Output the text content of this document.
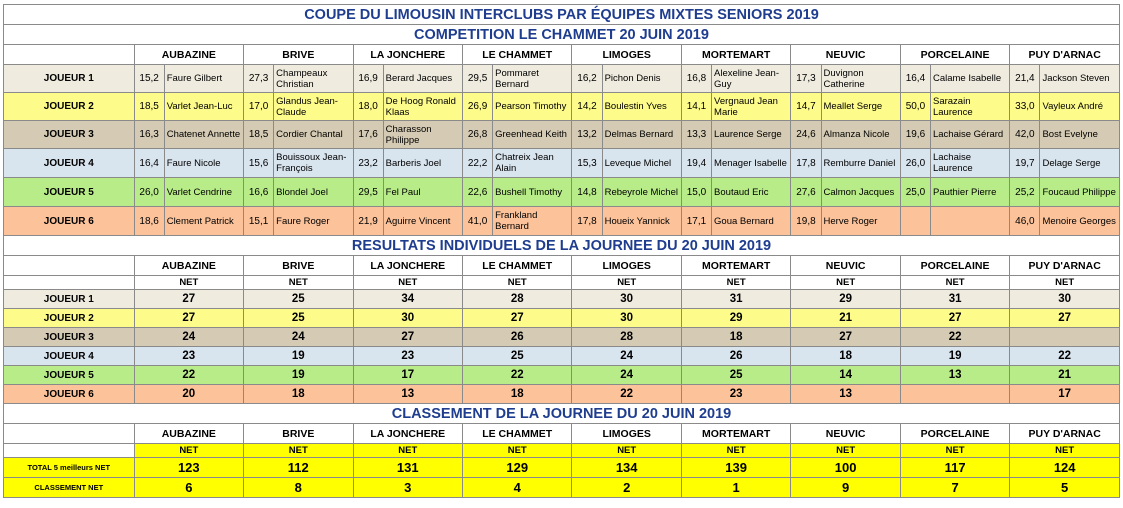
COUPE DU LIMOUSIN INTERCLUBS PAR ÉQUIPES MIXTES SENIORS 2019																		
COMPETITION LE CHAMMET 20 JUIN 2019																		
	AUBAZINE		BRIVE		LA JONCHERE		LE CHAMMET		LIMOGES		MORTEMART		NEUVIC		PORCELAINE		PUY D'ARNAC	
JOUEUR 1	15,2	Faure Gilbert	27,3	Champeaux Christian	16,9	Berard Jacques	29,5	Pommaret Bernard	16,2	Pichon Denis	16,8	Alexeline Jean-Guy	17,3	Duvignon Catherine	16,4	Calame Isabelle	21,4	Jackson Steven
JOUEUR 2	18,5	Varlet Jean-Luc	17,0	Glandus Jean-Claude	18,0	De Hoog Ronald Klaas	26,9	Pearson Timothy	14,2	Boulestin Yves	14,1	Vergnaud Jean Marie	14,7	Meallet Serge	50,0	Sarazain Laurence	33,0	Vayleux André
JOUEUR 3	16,3	Chatenet Annette	18,5	Cordier Chantal	17,6	Charasson Philippe	26,8	Greenhead Keith	13,2	Delmas Bernard	13,3	Laurence Serge	24,6	Almanza Nicole	19,6	Lachaise Gérard	42,0	Bost Evelyne
JOUEUR 4	16,4	Faure Nicole	15,6	Bouissoux Jean-François	23,2	Barberis Joel	22,2	Chatreix Jean Alain	15,3	Leveque Michel	19,4	Menager Isabelle	17,8	Remburre Daniel	26,0	Lachaise Laurence	19,7	Delage Serge
JOUEUR 5	26,0	Varlet Cendrine	16,6	Blondel Joel	29,5	Fel Paul	22,6	Bushell Timothy	14,8	Rebeyrole Michel	15,0	Boutaud Eric	27,6	Calmon Jacques	25,0	Pauthier Pierre	25,2	Foucaud Philippe
JOUEUR 6	18,6	Clement Patrick	15,1	Faure Roger	21,9	Aguirre Vincent	41,0	Frankland Bernard	17,8	Houeix Yannick	17,1	Goua Bernard	19,8	Herve Roger			46,0	Menoire Georges
RESULTATS INDIVIDUELS DE LA JOURNEE DU 20 JUIN 2019																		
	AUBAZINE		BRIVE		LA JONCHERE		LE CHAMMET		LIMOGES		MORTEMART		NEUVIC		PORCELAINE		PUY D'ARNAC	
	NET		NET		NET		NET		NET		NET		NET		NET		NET	
JOUEUR 1	27		25		34		28		30		31		29		31		30	
JOUEUR 2	27		25		30		27		30		29		21		27		27	
JOUEUR 3	24		24		27		26		28		18		27		22			
JOUEUR 4	23		19		23		25		24		26		18		19		22	
JOUEUR 5	22		19		17		22		24		25		14		13		21	
JOUEUR 6	20		18		13		18		22		23		13				17	
CLASSEMENT DE LA JOURNEE DU 20 JUIN 2019																		
	AUBAZINE		BRIVE		LA JONCHERE		LE CHAMMET		LIMOGES		MORTEMART		NEUVIC		PORCELAINE		PUY D'ARNAC	
	NET		NET		NET		NET		NET		NET		NET		NET		NET	
TOTAL 5 meilleurs NET	123		112		131		129		134		139		100		117		124	
CLASSEMENT NET	6		8		3		4		2		1		9		7		5	
